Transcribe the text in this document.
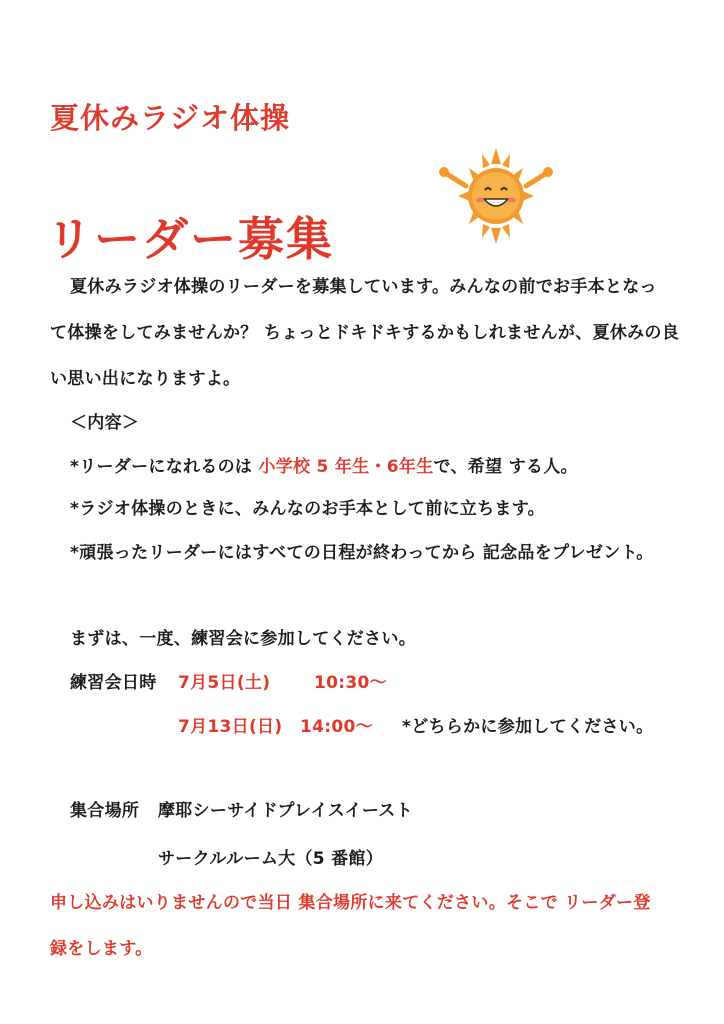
夏休みラジオ体操
リーダー募集
夏休みラジオ体操のリーダーを募集しています。みんなの前でお手本となっ
て体操をしてみませんか？ ちょっとドキドキするかもしれませんが、夏休みの良
い思い出になりますよ。
＜内容＞
*リーダーになれるのは 小学校 5 年生・6年生で、希望 する人。
*ラジオ体操のときに、みんなのお手本として前に立ちます。
*頑張ったリーダーにはすべての日程が終わってから 記念品をプレゼント。
まずは、一度、練習会に参加してください。
練習会日時 7月5日(土)	10:30〜
7月13日(日) 14:00〜 *どちらかに参加してください。
集合場所 摩耶シーサイドプレイスイースト
サークルルーム大（5 番館）
申し込みはいりませんので当日 集合場所に来てください。そこで リーダー登
録をします。
